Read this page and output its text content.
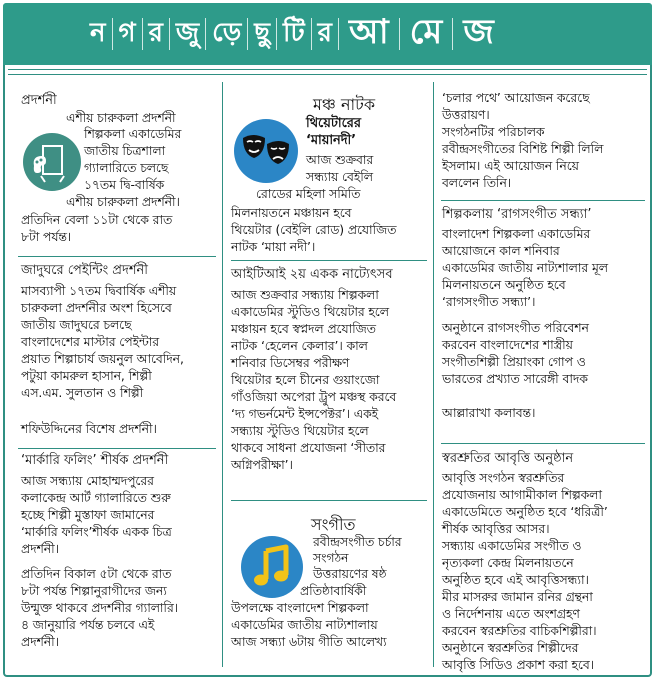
ন গ র জু ড়ে ছু টি র আ মে জ
প্রদর্শনী
এশীয় চারুকলা প্রদর্শনী
শিল্পকলা একাডেমির
জাতীয় চিত্রশালা
গ্যালারিতে চলছে
১৭তম দ্বি-বার্ষিক
এশীয় চারুকলা প্রদর্শনী।
প্রতিদিন বেলা ১১টা থেকে রাত
৮টা পর্যন্ত।
জাদুঘরে পেইন্টিং প্রদর্শনী
মাসব্যাপী ১৭তম দ্বিবার্ষিক এশীয়
চারুকলা প্রদর্শনীর অংশ হিসেবে
জাতীয় জাদুঘরে চলছে
বাংলাদেশের মাস্টার পেইন্টার
প্রয়াত শিল্পাচার্য জয়নুল আবেদিন,
পটুয়া কামরুল হাসান, শিল্পী
এস.এম. সুলতান ও শিল্পী
শফিউদ্দিনের বিশেষ প্রদর্শনী।
‘মার্কারি ফলিং’ শীর্ষক প্রদর্শনী
আজ সন্ধ্যায় মোহাম্মদপুরের
কলাকেন্দ্র আর্ট গ্যালারিতে শুরু
হচ্ছে শিল্পী মুস্তাফা জামানের
‘মার্কারি ফলিং’শীর্ষক একক চিত্র
প্রদর্শনী।
প্রতিদিন বিকাল ৫টা থেকে রাত
৮টা পর্যন্ত শিল্পানুরাগীদের জন্য
উন্মুক্ত থাকবে প্রদর্শনীর গ্যালারি।
৪ জানুয়ারি পর্যন্ত চলবে এই
প্রদর্শনী।
মঞ্চ নাটক
থিয়েটারের
‘মায়ানদী’
আজ শুক্রবার
সন্ধ্যায় বেইলি
রোডের মহিলা সমিতি
মিলনায়তনে মঞ্চায়ন হবে
থিয়েটার (বেইলি রোড) প্রযোজিত
নাটক ‘মায়া নদী’।
আইটিআই ২য় একক নাট্যেৎসব
আজ শুক্রবার সন্ধ্যায় শিল্পকলা
একাডেমির স্টুডিও থিয়েটার হলে
মঞ্চায়ন হবে স্বপ্নদল প্রযোজিত
নাটক ‘হেলেন কেলার’। কাল
শনিবার ডিসেম্বর পরীক্ষণ
থিয়েটার হলে চীনের গুয়াংজো
গাঁওজিয়া অপেরা ট্রুপ মঞ্চস্থ করবে
‘দ্য গভর্নমেন্ট ইন্সপেক্টর’। একই
সন্ধ্যায় স্টুডিও থিয়েটার হলে
থাকবে সাধনা প্রযোজনা ‘সীতার
অগ্নিপরীক্ষা’।
সংগীত
রবীন্দ্রসংগীত চর্চার
সংগঠন
উত্তরায়ণের ষষ্ঠ
প্রতিষ্ঠাবার্ষিকী
উপলক্ষে বাংলাদেশ শিল্পকলা
একাডেমির জাতীয় নাট্যশালায়
আজ সন্ধ্যা ৬টায় গীতি আলেখ্য
‘চলার পথে’ আয়োজন করেছে
উত্তরায়ণ।
সংগঠনটির পরিচালক
রবীন্দ্রসংগীতের বিশিষ্ট শিল্পী লিলি
ইসলাম। এই আয়োজন নিয়ে
বললেন তিনি।
শিল্পকলায় ‘রাগসংগীত সন্ধ্যা’
বাংলাদেশ শিল্পকলা একাডেমির
আয়োজনে কাল শনিবার
একাডেমির জাতীয় নাট্যশালার মূল
মিলনায়তনে অনুষ্ঠিত হবে
‘রাগসংগীত সন্ধ্যা’।
অনুষ্ঠানে রাগসংগীত পরিবেশন
করবেন বাংলাদেশের শাস্ত্রীয়
সংগীতশিল্পী প্রিয়াংকা গোপ ও
ভারতের প্রখ্যাত সারেঙ্গী বাদক
আল্লারাখা কলাবন্ত।
স্বরশ্রুতির আবৃত্তি অনুষ্ঠান
আবৃত্তি সংগঠন স্বরশ্রুতির
প্রযোজনায় আগামীকাল শিল্পকলা
একাডেমিতে অনুষ্ঠিত হবে ‘ধরিত্রী’
শীর্ষক আবৃত্তির আসর।
সন্ধ্যায় একাডেমির সংগীত ও
নৃত্যকলা কেন্দ্র মিলনায়তনে
অনুষ্ঠিত হবে এই আবৃত্তিসন্ধ্যা।
মীর মাসরুর জামান রনির গ্রন্থনা
ও নির্দেশনায় এতে অংশগ্রহণ
করবেন স্বরশ্রুতির বাচিকশিল্পীরা।
অনুষ্ঠানে স্বরশ্রুতির শিল্পীদের
আবৃত্তি সিডিও প্রকাশ করা হবে।
